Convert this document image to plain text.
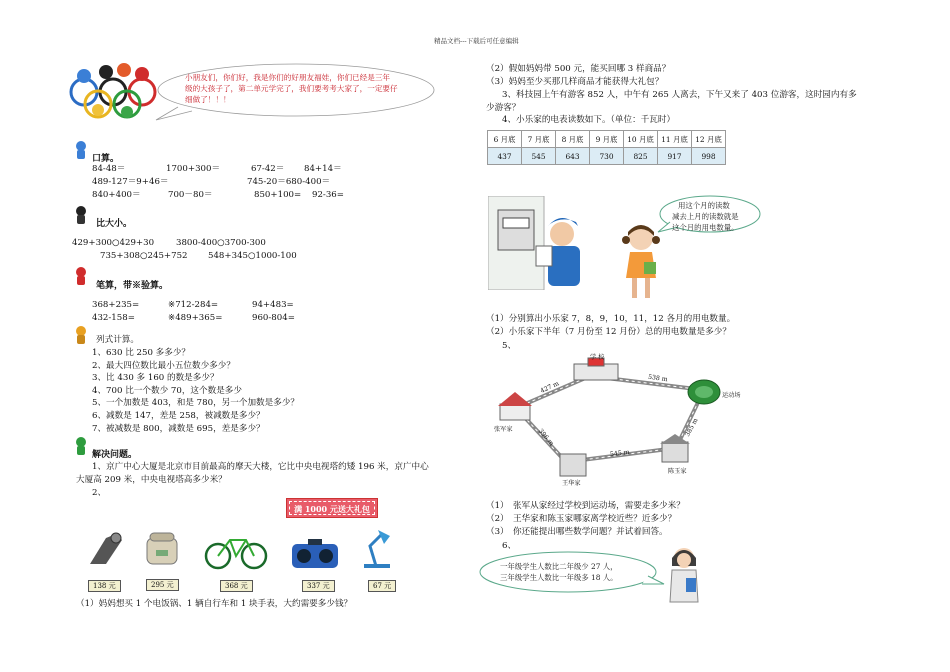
精品文档---下载后可任意编辑
小朋友们，你们好，我是你们的好朋友福娃，你们已经是三年
级的大孩子了，第二单元学完了，我们要考考大家了，一定要仔
细做了！！！
口算。
84-48＝	1700+300＝	67-42＝ 84+14＝
489-127＝9+46＝	745-20＝680-400＝
840+400＝	700－80＝	850+100= 92-36=
比大小。
429+300○429+30	3800-400○3700-300
735+308○245+752 548+345○1000-100
笔算，带※验算。
368+235=	※712-284=	94+483=
432-158=	※489+365=	960-804=
列式计算。
1、630 比 250 多多少？
2、最大四位数比最小五位数少多少？
3、比 430 多 160 的数是多少？
4、700 比一个数少 70，这个数是多少
5、一个加数是 403，和是 780，另一个加数是多少？
6、减数是 147，差是 258，被减数是多少？
7、被减数是 800，减数是 695，差是多少？
解决问题。
1、京广中心大厦是北京市目前最高的摩天大楼，它比中央电视塔约矮 196 米，京广中心
大厦高 209 米，中央电视塔高多少米？
2、
满 1000 元送大礼包
138 元	295 元	368 元	337 元	67 元
（1）妈妈想买 1 个电饭锅、1 辆自行车和 1 块手表，大约需要多少钱？
（2）假如妈妈带 500 元，能买回哪 3 样商品？
（3）妈妈至少买那几样商品才能获得大礼包？
3、科技园上午有游客 852 人，中午有 265 人离去，下午又来了 403 位游客，这时园内有多
少游客？
4、小乐家的电表读数如下。（单位：千瓦时）
6 月底	7 月底	8 月底	9 月底	10 月底	11 月底	12 月底
437	545	643	730	825	917	998
用这个月的读数
减去上月的读数就是
这个月的用电数量。
（1）分别算出小乐家 7，8，9，10，11，12 各月的用电数量。
（2）小乐家下半年（7 月份至 12 月份）总的用电数量是多少？
5、
学 校
运动场
张军家
王华家
陈玉家
427 m
538 m
385 m
545 m
396 m
（1）　张军从家经过学校到运动场，需要走多少米？
（2）　王华家和陈玉家哪家离学校近些？近多少？
（3）　你还能提出哪些数学问题？并试着回答。
6、
一年级学生人数比二年级少 27 人，
三年级学生人数比一年级多 18 人。
